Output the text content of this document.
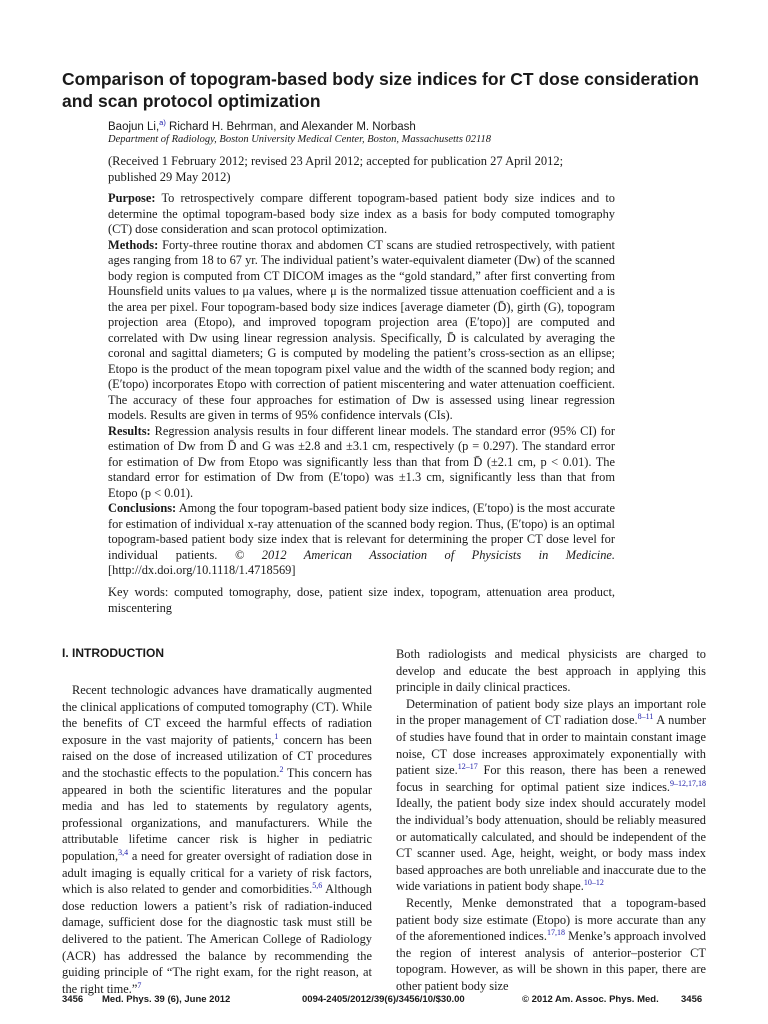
Comparison of topogram-based body size indices for CT dose consideration and scan protocol optimization
Baojun Li,$^{a)}$ Richard H. Behrman, and Alexander M. Norbash
Department of Radiology, Boston University Medical Center, Boston, Massachusetts 02118
(Received 1 February 2012; revised 23 April 2012; accepted for publication 27 April 2012; published 29 May 2012)

Purpose: To retrospectively compare different topogram-based patient body size indices and to determine the optimal topogram-based body size index as a basis for body computed tomography (CT) dose consideration and scan protocol optimization.

Methods: Forty-three routine thorax and abdomen CT scans are studied retrospectively, with patient ages ranging from 18 to 67 yr. The individual patient’s water-equivalent diameter (Dw) of the scanned body region is computed from CT DICOM images as the “gold standard,” after first converting from Hounsfield units values to μa values, where μ is the normalized tissue attenuation coefficient and a is the area per pixel. Four topogram-based body size indices [average diameter (D̄), girth (G), topogram projection area (Etopo), and improved topogram projection area (E′topo)] are computed and correlated with Dw using linear regression analysis. Specifically, D̄ is calculated by averaging the coronal and sagittal diameters; G is computed by modeling the patient’s cross-section as an ellipse; Etopo is the product of the mean topogram pixel value and the width of the scanned body region; and (E′topo) incorporates Etopo with correction of patient miscentering and water attenuation coefficient. The accuracy of these four approaches for estimation of Dw is assessed using linear regression models. Results are given in terms of 95% confidence intervals (CIs).

Results: Regression analysis results in four different linear models. The standard error (95% CI) for estimation of Dw from D̄ and G was ±2.8 and ±3.1 cm, respectively (p = 0.297). The standard error for estimation of Dw from Etopo was significantly less than that from D̄ (±2.1 cm, p < 0.01). The standard error for estimation of Dw from (E′topo) was ±1.3 cm, significantly less than that from Etopo (p < 0.01).

Conclusions: Among the four topogram-based patient body size indices, (E′topo) is the most accurate for estimation of individual x-ray attenuation of the scanned body region. Thus, (E′topo) is an optimal topogram-based patient body size index that is relevant for determining the proper CT dose level for individual patients. © 2012 American Association of Physicists in Medicine. [http://dx.doi.org/10.1118/1.4718569]

Key words: computed tomography, dose, patient size index, topogram, attenuation area product, miscentering
I. INTRODUCTION

Recent technologic advances have dramatically augmented the clinical applications of computed tomography (CT). While the benefits of CT exceed the harmful effects of radiation exposure in the vast majority of patients,$^1$ concern has been raised on the dose of increased utilization of CT procedures and the stochastic effects to the population.$^2$ This concern has appeared in both the scientific literatures and the popular media and has led to statements by regulatory agents, professional organizations, and manufacturers. While the attributable lifetime cancer risk is higher in pediatric population,$^{3,4}$ a need for greater oversight of radiation dose in adult imaging is equally critical for a variety of risk factors, which is also related to gender and comorbidities.$^{5,6}$ Although dose reduction lowers a patient’s risk of radiation-induced damage, sufficient dose for the diagnostic task must still be delivered to the patient. The American College of Radiology (ACR) has addressed the balance by recommending the guiding principle of “The right exam, for the right reason, at the right time.”$^7$

Both radiologists and medical physicists are charged to develop and educate the best approach in applying this principle in daily clinical practices.

Determination of patient body size plays an important role in the proper management of CT radiation dose.$^{8-11}$ A number of studies have found that in order to maintain constant image noise, CT dose increases approximately exponentially with patient size.$^{12-17}$ For this reason, there has been a renewed focus in searching for optimal patient size indices.$^{9-12,17,18}$ Ideally, the patient body size index should accurately model the individual’s body attenuation, should be reliably measured or automatically calculated, and should be independent of the CT scanner used. Age, height, weight, or body mass index based approaches are both unreliable and inaccurate due to the wide variations in patient body shape.$^{10-12}$

Recently, Menke demonstrated that a topogram-based patient body size estimate (Etopo) is more accurate than any of the aforementioned indices.$^{17,18}$ Menke’s approach involved the region of interest analysis of anterior–posterior CT topogram. However, as will be shown in this paper, there are other patient body size

3456 Med. Phys. 39 (6), June 2012	0094-2405/2012/39(6)/3456/10/$30.00	© 2012 Am. Assoc. Phys. Med. 3456
